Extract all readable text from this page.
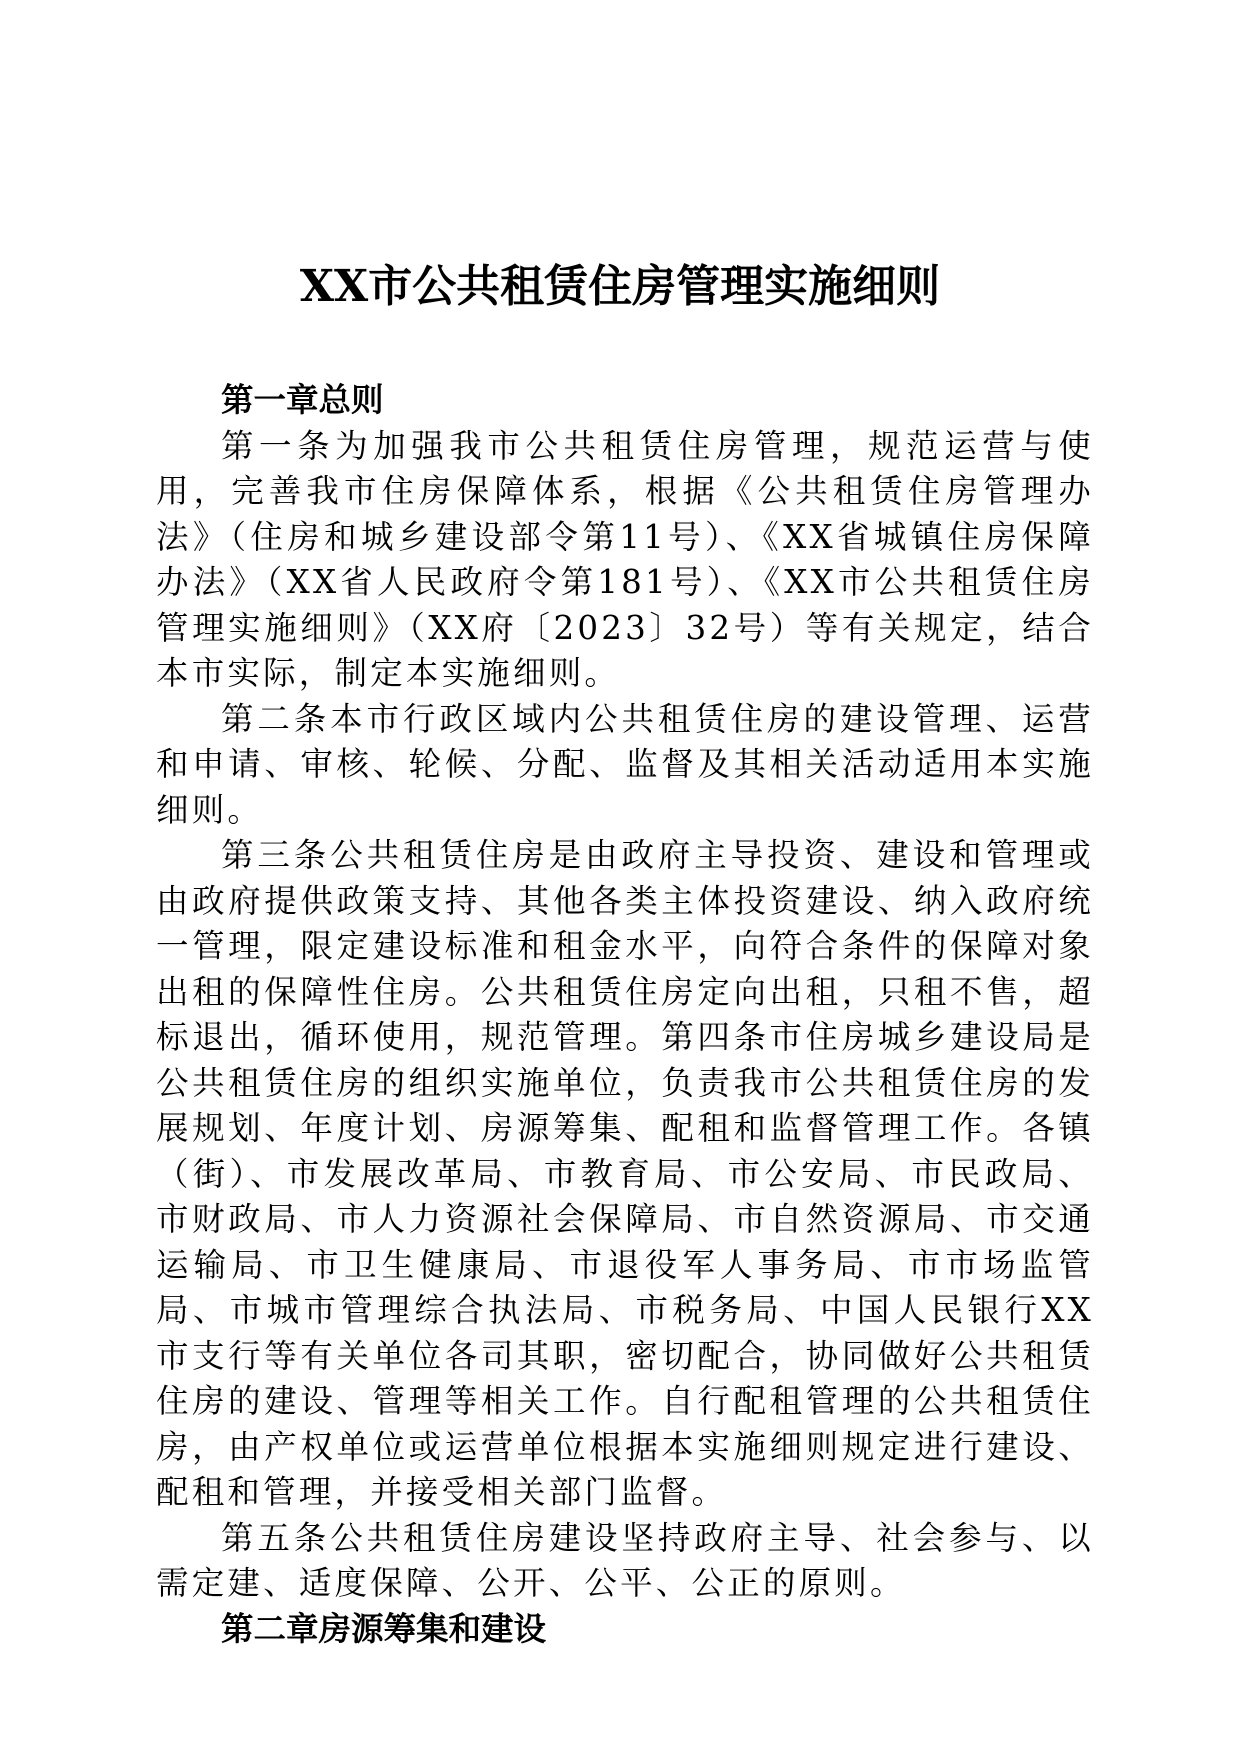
XX市公共租赁住房管理实施细则

第一章总则

第一条为加强我市公共租赁住房管理，规范运营与使用，完善我市住房保障体系，根据《公共租赁住房管理办法》（住房和城乡建设部令第11号）、《XX省城镇住房保障办法》（XX省人民政府令第181号）、《XX市公共租赁住房管理实施细则》（XX府〔2023〕32号）等有关规定，结合本市实际，制定本实施细则。

第二条本市行政区域内公共租赁住房的建设管理、运营和申请、审核、轮候、分配、监督及其相关活动适用本实施细则。

第三条公共租赁住房是由政府主导投资、建设和管理或由政府提供政策支持、其他各类主体投资建设、纳入政府统一管理，限定建设标准和租金水平，向符合条件的保障对象出租的保障性住房。公共租赁住房定向出租，只租不售，超标退出，循环使用，规范管理。第四条市住房城乡建设局是公共租赁住房的组织实施单位，负责我市公共租赁住房的发展规划、年度计划、房源筹集、配租和监督管理工作。各镇（街）、市发展改革局、市教育局、市公安局、市民政局、市财政局、市人力资源社会保障局、市自然资源局、市交通运输局、市卫生健康局、市退役军人事务局、市市场监管局、市城市管理综合执法局、市税务局、中国人民银行XX市支行等有关单位各司其职，密切配合，协同做好公共租赁住房的建设、管理等相关工作。自行配租管理的公共租赁住房，由产权单位或运营单位根据本实施细则规定进行建设、配租和管理，并接受相关部门监督。

第五条公共租赁住房建设坚持政府主导、社会参与、以需定建、适度保障、公开、公平、公正的原则。

第二章房源筹集和建设
